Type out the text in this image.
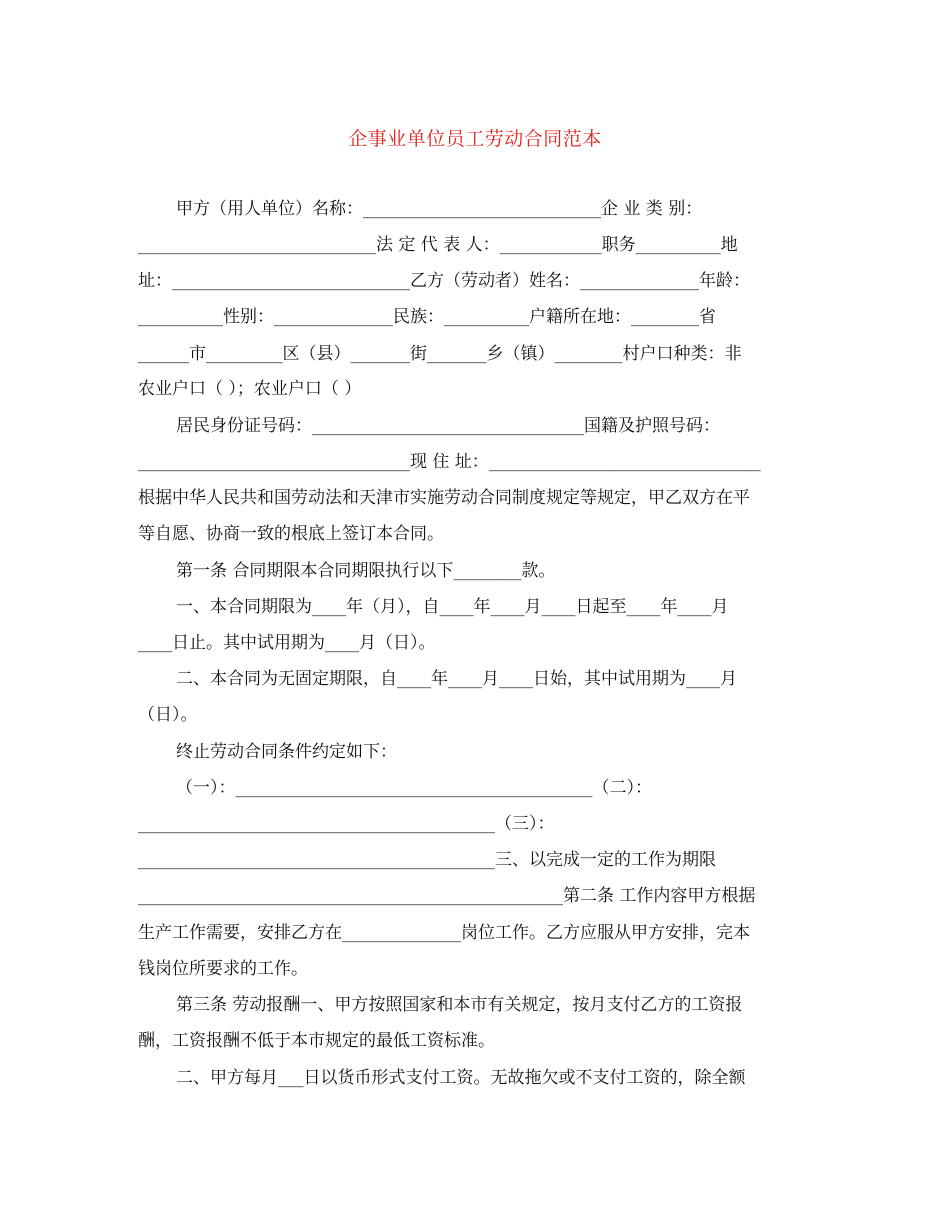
企事业单位员工劳动合同范本
甲方（用人单位）名称：____________________________企 业 类 别：
____________________________法 定 代 表 人：____________职务__________地
址：____________________________乙方（劳动者）姓名：______________年龄：
__________性别：______________民族：__________户籍所在地：________省
______市_________区（县）_______街_______乡（镇）________村户口种类：非
农业户口（ ）；农业户口（ ）
居民身份证号码：________________________________国籍及护照号码：
________________________________现 住 址：________________________________
根据中华人民共和国劳动法和天津市实施劳动合同制度规定等规定，甲乙双方在平
等自愿、协商一致的根底上签订本合同。
第一条 合同期限本合同期限执行以下________款。
一、本合同期限为____年（月），自____年____月____日起至____年____月
____日止。其中试用期为____月（日）。
二、本合同为无固定期限，自____年____月____日始，其中试用期为____月
（日）。
终止劳动合同条件约定如下：
（一）：__________________________________________（二）：
__________________________________________（三）：
__________________________________________三、以完成一定的工作为期限
__________________________________________________第二条 工作内容甲方根据
生产工作需要，安排乙方在______________岗位工作。乙方应服从甲方安排，完本
钱岗位所要求的工作。
第三条 劳动报酬一、甲方按照国家和本市有关规定，按月支付乙方的工资报
酬，工资报酬不低于本市规定的最低工资标准。
二、甲方每月___日以货币形式支付工资。无故拖欠或不支付工资的，除全额
